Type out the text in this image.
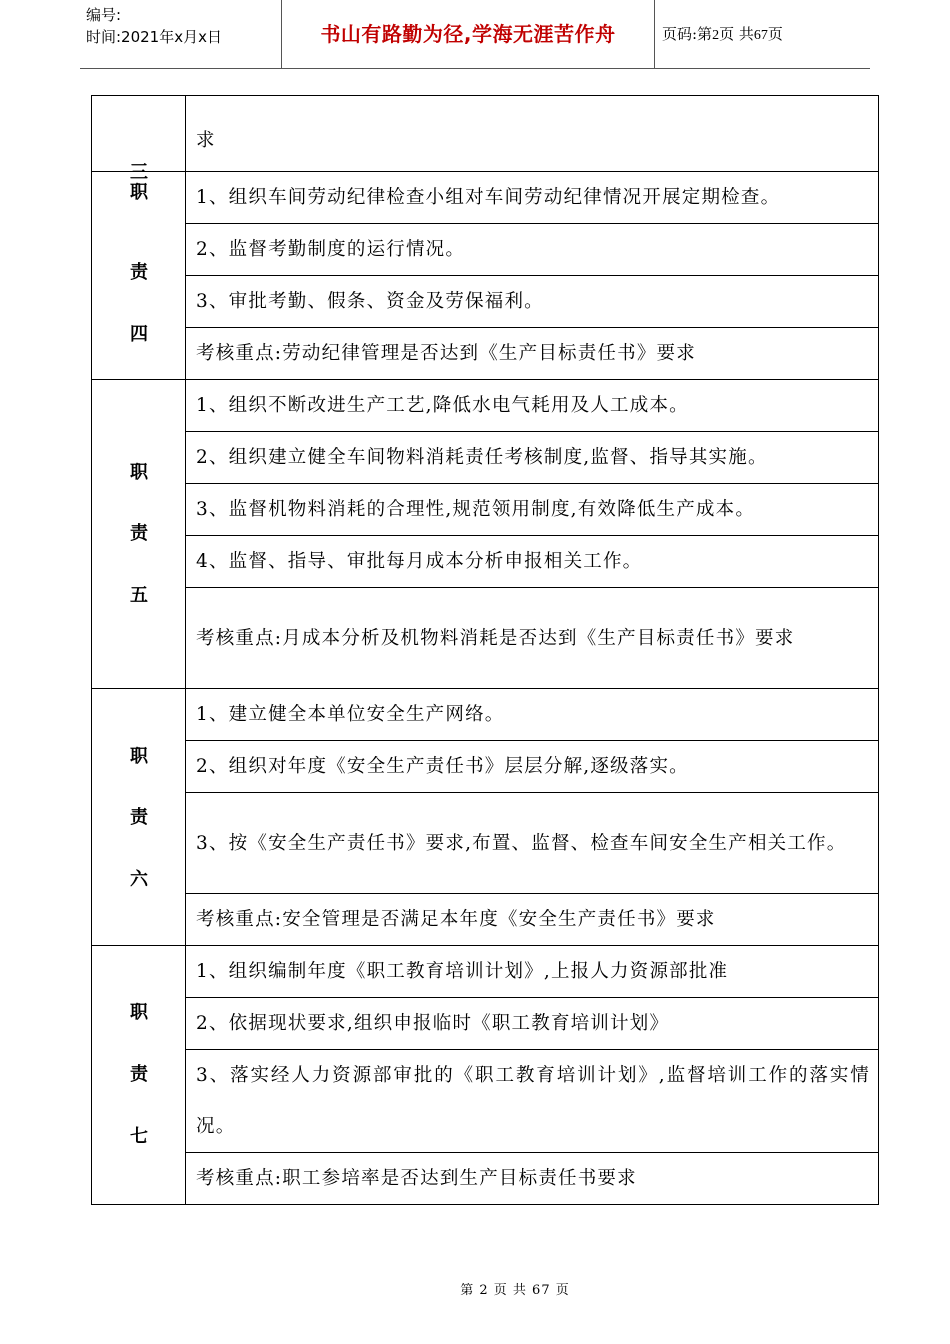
编号:
时间:2021年x月x日	书山有路勤为径,学海无涯苦作舟	页码:第2页 共67页
三	求

职
责
四	1、组织车间劳动纪律检查小组对车间劳动纪律情况开展定期检查。

	2、监督考勤制度的运行情况。

	3、审批考勤、假条、资金及劳保福利。

	考核重点:劳动纪律管理是否达到《生产目标责任书》要求

职
责
五	1、组织不断改进生产工艺,降低水电气耗用及人工成本。

	2、组织建立健全车间物料消耗责任考核制度,监督、指导其实施。

	3、监督机物料消耗的合理性,规范领用制度,有效降低生产成本。

	4、监督、指导、审批每月成本分析申报相关工作。

	考核重点:月成本分析及机物料消耗是否达到《生产目标责任书》要求

职
责
六	1、建立健全本单位安全生产网络。

	2、组织对年度《安全生产责任书》层层分解,逐级落实。

	3、按《安全生产责任书》要求,布置、监督、检查车间安全生产相关工作。

	考核重点:安全管理是否满足本年度《安全生产责任书》要求

职
责
七	1、组织编制年度《职工教育培训计划》,上报人力资源部批准

	2、依据现状要求,组织申报临时《职工教育培训计划》

	3、落实经人力资源部审批的《职工教育培训计划》,监督培训工作的落实情况。

	考核重点:职工参培率是否达到生产目标责任书要求
第 2 页 共 67 页
